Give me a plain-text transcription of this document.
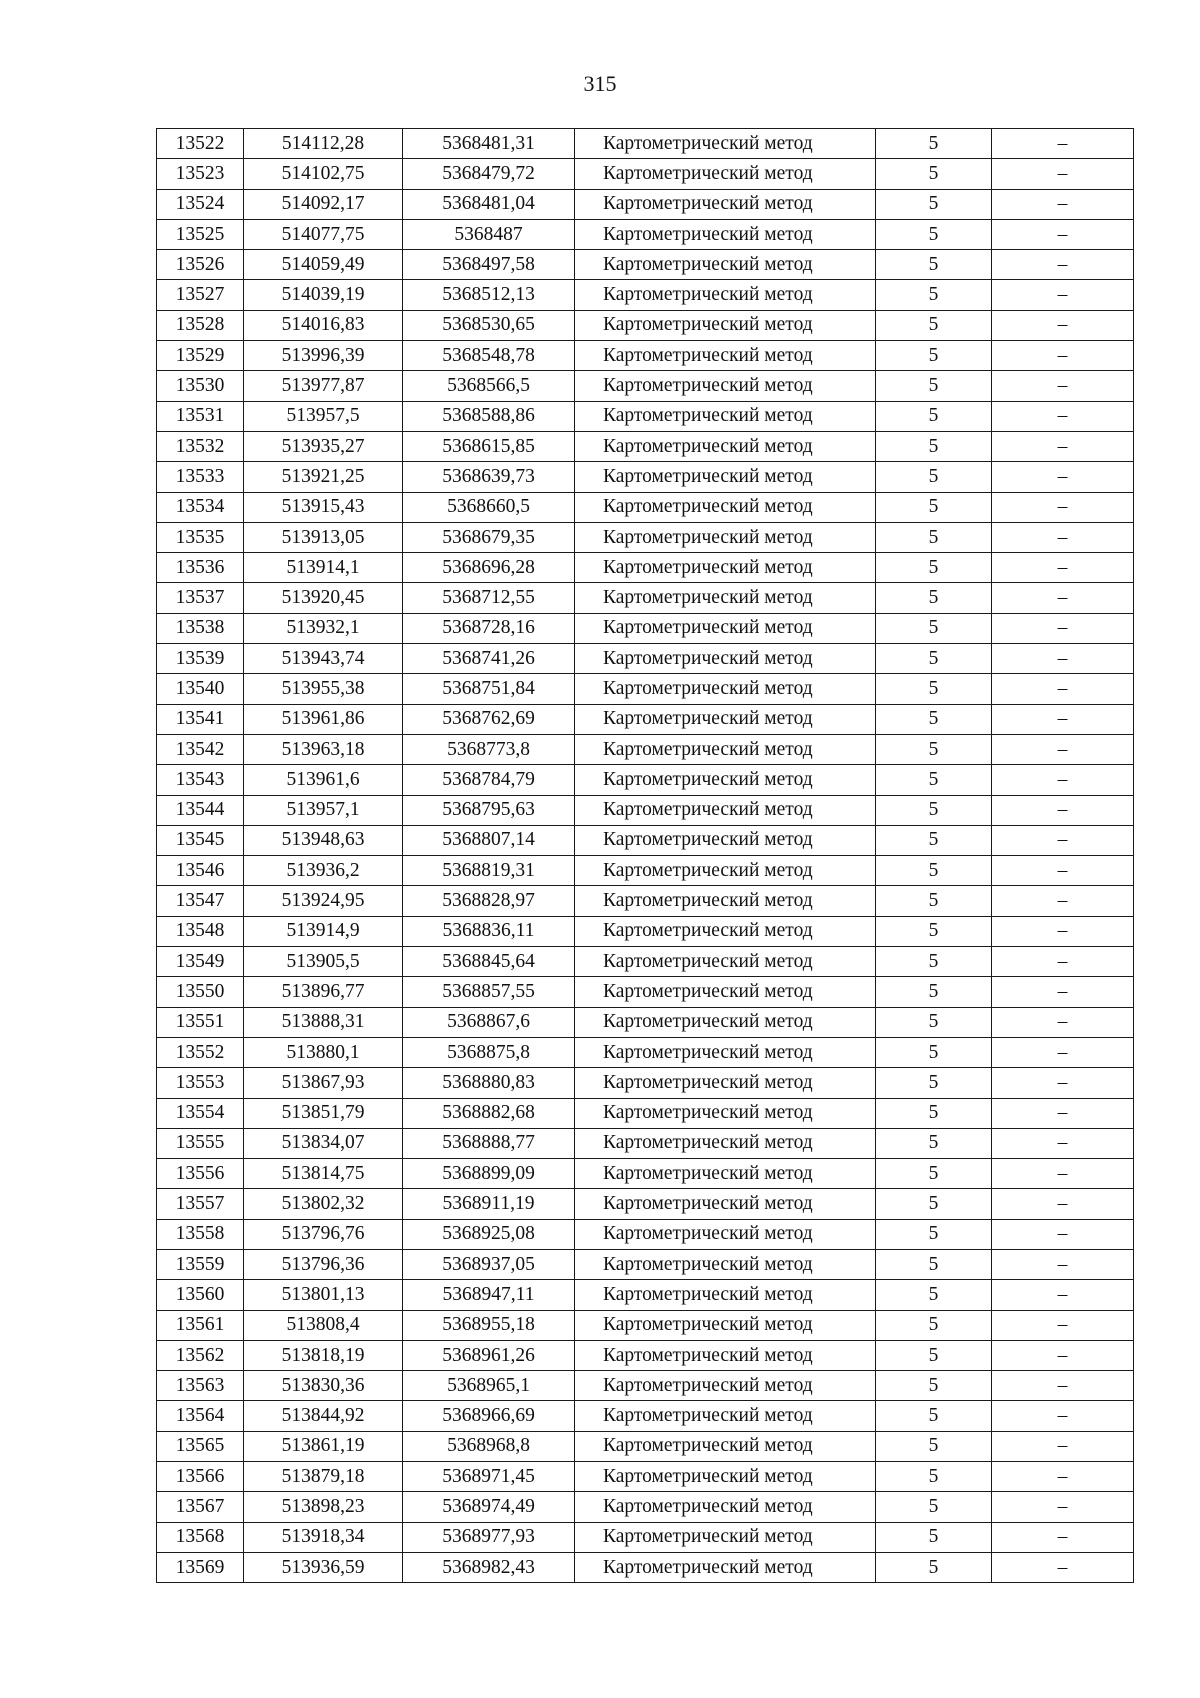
315
13522	514112,28	5368481,31	Картометрический метод	5	–
13523	514102,75	5368479,72	Картометрический метод	5	–
13524	514092,17	5368481,04	Картометрический метод	5	–
13525	514077,75	5368487	Картометрический метод	5	–
13526	514059,49	5368497,58	Картометрический метод	5	–
13527	514039,19	5368512,13	Картометрический метод	5	–
13528	514016,83	5368530,65	Картометрический метод	5	–
13529	513996,39	5368548,78	Картометрический метод	5	–
13530	513977,87	5368566,5	Картометрический метод	5	–
13531	513957,5	5368588,86	Картометрический метод	5	–
13532	513935,27	5368615,85	Картометрический метод	5	–
13533	513921,25	5368639,73	Картометрический метод	5	–
13534	513915,43	5368660,5	Картометрический метод	5	–
13535	513913,05	5368679,35	Картометрический метод	5	–
13536	513914,1	5368696,28	Картометрический метод	5	–
13537	513920,45	5368712,55	Картометрический метод	5	–
13538	513932,1	5368728,16	Картометрический метод	5	–
13539	513943,74	5368741,26	Картометрический метод	5	–
13540	513955,38	5368751,84	Картометрический метод	5	–
13541	513961,86	5368762,69	Картометрический метод	5	–
13542	513963,18	5368773,8	Картометрический метод	5	–
13543	513961,6	5368784,79	Картометрический метод	5	–
13544	513957,1	5368795,63	Картометрический метод	5	–
13545	513948,63	5368807,14	Картометрический метод	5	–
13546	513936,2	5368819,31	Картометрический метод	5	–
13547	513924,95	5368828,97	Картометрический метод	5	–
13548	513914,9	5368836,11	Картометрический метод	5	–
13549	513905,5	5368845,64	Картометрический метод	5	–
13550	513896,77	5368857,55	Картометрический метод	5	–
13551	513888,31	5368867,6	Картометрический метод	5	–
13552	513880,1	5368875,8	Картометрический метод	5	–
13553	513867,93	5368880,83	Картометрический метод	5	–
13554	513851,79	5368882,68	Картометрический метод	5	–
13555	513834,07	5368888,77	Картометрический метод	5	–
13556	513814,75	5368899,09	Картометрический метод	5	–
13557	513802,32	5368911,19	Картометрический метод	5	–
13558	513796,76	5368925,08	Картометрический метод	5	–
13559	513796,36	5368937,05	Картометрический метод	5	–
13560	513801,13	5368947,11	Картометрический метод	5	–
13561	513808,4	5368955,18	Картометрический метод	5	–
13562	513818,19	5368961,26	Картометрический метод	5	–
13563	513830,36	5368965,1	Картометрический метод	5	–
13564	513844,92	5368966,69	Картометрический метод	5	–
13565	513861,19	5368968,8	Картометрический метод	5	–
13566	513879,18	5368971,45	Картометрический метод	5	–
13567	513898,23	5368974,49	Картометрический метод	5	–
13568	513918,34	5368977,93	Картометрический метод	5	–
13569	513936,59	5368982,43	Картометрический метод	5	–
